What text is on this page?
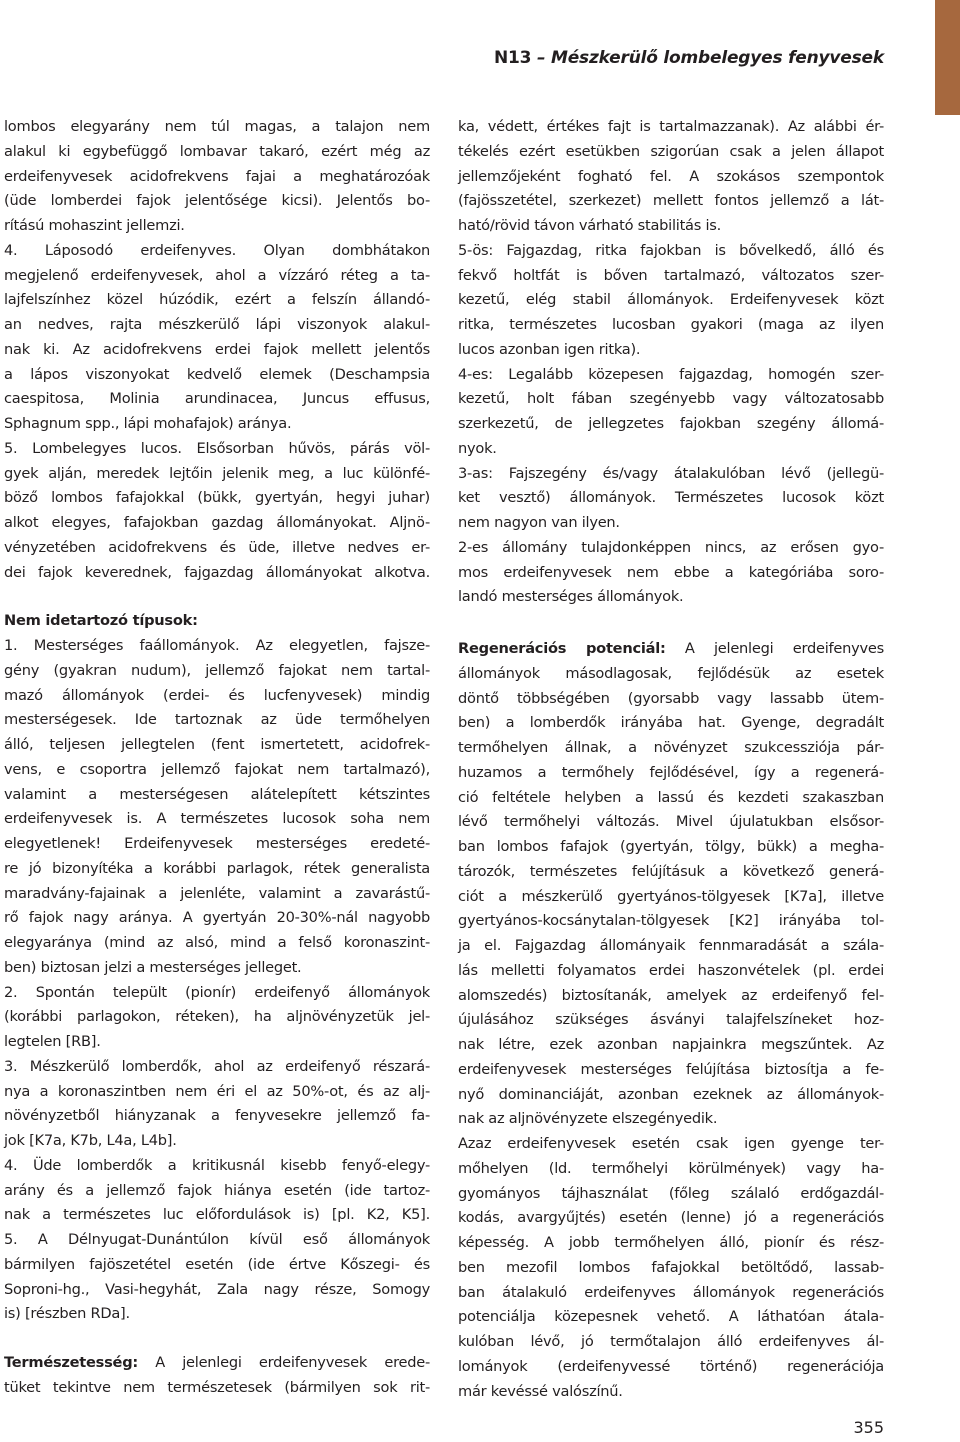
N13 – Mészkerülő lombelegyes fenyvesek
lombos elegyarány nem túl magas, a talajon nem
alakul ki egybefüggő lombavar takaró, ezért még az
erdeifenyvesek acidofrekvens fajai a meghatározóak
(üde lomberdei fajok jelentősége kicsi). Jelentős bo-
rítású mohaszint jellemzi.
4. Láposodó erdeifenyves. Olyan dombhátakon
megjelenő erdeifenyvesek, ahol a vízzáró réteg a ta-
lajfelszínhez közel húzódik, ezért a felszín állandó-
an nedves, rajta mészkerülő lápi viszonyok alakul-
nak ki. Az acidofrekvens erdei fajok mellett jelentős
a lápos viszonyokat kedvelő elemek (Deschampsia
caespitosa, Molinia arundinacea, Juncus effusus,
Sphagnum spp., lápi mohafajok) aránya.
5. Lombelegyes lucos. Elsősorban hűvös, párás völ-
gyek alján, meredek lejtőin jelenik meg, a luc különfé-
böző lombos fafajokkal (bükk, gyertyán, hegyi juhar)
alkot elegyes, fafajokban gazdag állományokat. Aljnö-
vényzetében acidofrekvens és üde, illetve nedves er-
dei fajok keverednek, fajgazdag állományokat alkotva.
Nem idetartozó típusok:
1. Mesterséges faállományok. Az elegyetlen, fajsze-
gény (gyakran nudum), jellemző fajokat nem tartal-
mazó állományok (erdei- és lucfenyvesek) mindig
mesterségesek. Ide tartoznak az üde termőhelyen
álló, teljesen jellegtelen (fent ismertetett, acidofrek-
vens, e csoportra jellemző fajokat nem tartalmazó),
valamint a mesterségesen alátelepített kétszintes
erdeifenyvesek is. A természetes lucosok soha nem
elegyetlenek! Erdeifenyvesek mesterséges eredeté-
re jó bizonyítékа a korábbi parlagok, rétek generalista
maradvány-fajainak a jelenléte, valamint a zavarástű-
rő fajok nagy aránya. A gyertyán 20-30%-nál nagyobb
elegyaránya (mind az alsó, mind a felső koronaszint-
ben) biztosan jelzi a mesterséges jelleget.
2. Spontán települt (pionír) erdeifenyő állományok
(korábbi parlagokon, réteken), ha aljnövényzetük jel-
legtelen [RB].
3. Mészkerülő lomberdők, ahol az erdeifenyő részará-
nya a koronaszintben nem éri el az 50%-ot, és az alj-
növényzetből hiányzanak a fenyvesekre jellemző fa-
jok [K7a, K7b, L4a, L4b].
4. Üde lomberdők a kritikusnál kisebb fenyő-elegy-
arány és a jellemző fajok hiánya esetén (ide tartoz-
nak a természetes luc előfordulások is) [pl. K2, K5].
5. A Délnyugat-Dunántúlon kívül eső állományok
bármilyen fajöszetétel esetén (ide értve Kőszegi- és
Soproni-hg., Vasi-hegyhát, Zala nagy része, Somogy
is) [részben RDa].
Természetesség: A jelenlegi erdeifenyvesek erede-
tüket tekintve nem természetesek (bármilyen sok rit-
ka, védett, értékes fajt is tartalmazzanak). Az alábbi ér-
tékelés ezért esetükben szigorúan csak a jelen állapot
jellemzőjeként fogható fel. A szokásos szempontok
(fajösszetétel, szerkezet) mellett fontos jellemző a lát-
ható/rövid távon várható stabilitás is.
5-ös: Fajgazdag, ritka fajokban is bővelkedő, álló és
fekvő holtfát is bőven tartalmazó, változatos szer-
kezetű, elég stabil állományok. Erdeifenyvesek közt
ritka, természetes lucosban gyakori (maga az ilyen
lucos azonban igen ritka).
4-es: Legalább közepesen fajgazdag, homogén szer-
kezetű, holt fában szegényebb vagy változatosabb
szerkezetű, de jellegzetes fajokban szegény állomá-
nyok.
3-as: Fajszegény és/vagy átalakulóban lévő (jellegü-
ket vesztő) állományok. Természetes lucosok közt
nem nagyon van ilyen.
2-es állomány tulajdonképpen nincs, az erősen gyo-
mos erdeifenyvesek nem ebbe a kategóriába soro-
landó mesterséges állományok.
Regenerációs potenciál: A jelenlegi erdeifenyves
állományok másodlagosak, fejlődésük az esetek
döntő többségében (gyorsabb vagy lassabb ütem-
ben) a lomberdők irányába hat. Gyenge, degradált
termőhelyen állnak, a növényzet szukcessziója pár-
huzamos a termőhely fejlődésével, így a regenerá-
ció feltétele helyben a lassú és kezdeti szakaszban
lévő termőhelyi változás. Mivel újulatukban elsősor-
ban lombos fafajok (gyertyán, tölgy, bükk) a megha-
tározók, természetes felújításuk a következő generá-
ciót a mészkerülő gyertyános-tölgyesek [K7a], illetve
gyertyános-kocsánytalan-tölgyesek [K2] irányába tol-
ja el. Fajgazdag állományaik fennmaradását a szála-
lás melletti folyamatos erdei haszonvételek (pl. erdei
alomszedés) biztosítanák, amelyek az erdeifenyő fel-
újulásához szükséges ásványi talajfelszíneket hoz-
nak létre, ezek azonban napjainkra megszűntek. Az
erdeifenyvesek mesterséges felújítása biztosítja a fe-
nyő dominanciáját, azonban ezeknek az állományok-
nak az aljnövényzete elszegényedik.
Azaz erdeifenyvesek esetén csak igen gyenge ter-
mőhelyen (ld. termőhelyi körülmények) vagy ha-
gyományos tájhasználat (főleg szálaló erdőgazdál-
kodás, avargyűjtés) esetén (lenne) jó a regenerációs
képesség. A jobb termőhelyen álló, pionír és rész-
ben mezofil lombos fafajokkal betöltődő, lassab-
ban átalakuló erdeifenyves állományok regenerációs
potenciálja közepesnek vehető. A láthatóan átala-
kulóban lévő, jó termőtalajon álló erdeifenyves ál-
lományok (erdeifenyvessé történő) regenerációja
már kevéssé valószínű.
355
